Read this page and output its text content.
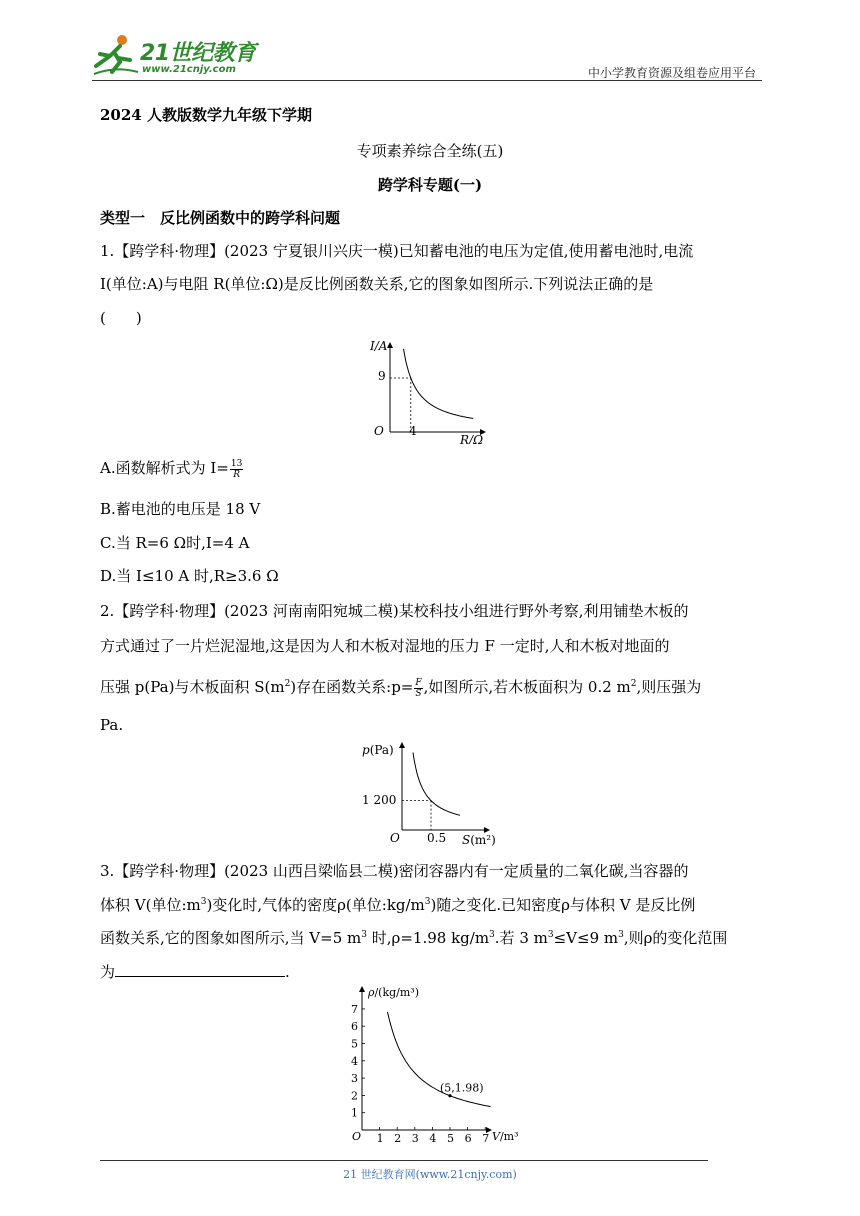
21世纪教育
www.21cnjy.com	中小学教育资源及组卷应用平台
2024 人教版数学九年级下学期
专项素养综合全练(五)
跨学科专题(一)
类型一　反比例函数中的跨学科问题
1.【跨学科·物理】(2023 宁夏银川兴庆一模)已知蓄电池的电压为定值,使用蓄电池时,电流
I(单位:A)与电阻 R(单位:Ω)是反比例函数关系,它的图象如图所示.下列说法正确的是
(　　)
I/A
R/Ω
O
9
4
A.函数解析式为 $I= \frac{13}{R}$
B.蓄电池的电压是 18 V
C.当 R=6 Ω时,I=4 A
D.当 I≤10 A 时,R≥3.6 Ω
2.【跨学科·物理】(2023 河南南阳宛城二模)某校科技小组进行野外考察,利用铺垫木板的
方式通过了一片烂泥湿地,这是因为人和木板对湿地的压力 F 一定时,人和木板对地面的
压强 p(Pa)与木板面积 $S(m^2)$存在函数关系:p= $\frac{F}{S}$ ,如图所示,若木板面积为 0.2 $m^2$,则压强为
Pa.
p(Pa)
S(m²)
O
1 200
0.5
3.【跨学科·物理】(2023 山西吕梁临县二模)密闭容器内有一定质量的二氧化碳,当容器的
体积 V(单位$:m^3$)变化时,气体的密度ρ(单位$:kg/m^3$)随之变化.已知密度ρ与体积 V 是反比例
函数关系,它的图象如图所示,当 V=5 $m^3$ 时,ρ=1.98 $kg/m^3$.若 3 $m^3\le V\le 9$ $m^3$,则ρ的变化范围
为	.
1
2
3
4
5
6
7
1 2 3 4 5 6 7
(5,1.98)
ρ/(kg/m³)
V/m³
O
21 世纪教育网(www.21cnjy.com)
